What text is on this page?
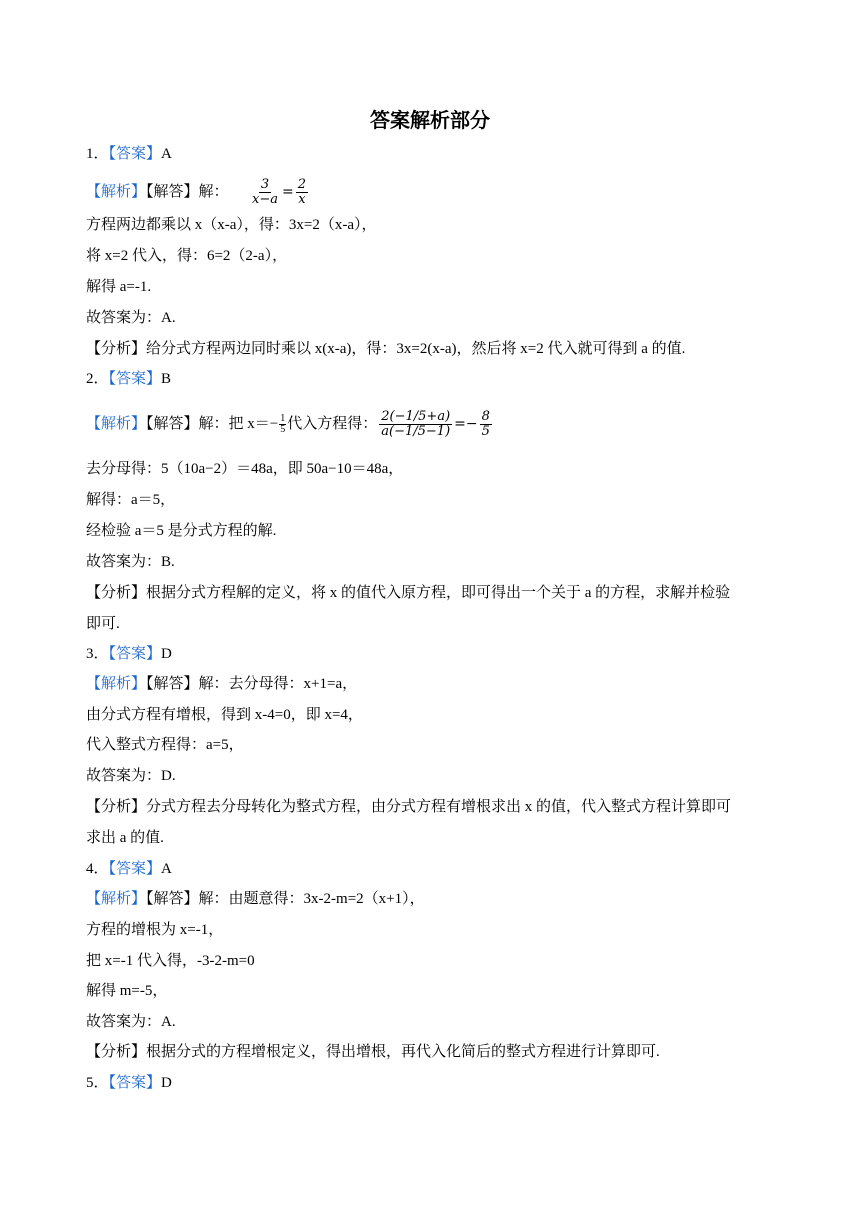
答案解析部分
1．【答案】A
【解析】【解答】解： $\frac{3}{x-a} = \frac{2}{x}$
方程两边都乘以 x（x-a），得：3x=2（x-a），
将 x=2 代入，得：6=2（2-a），
解得 a=-1.
故答案为：A.
【分析】给分式方程两边同时乘以 x(x-a)，得：3x=2(x-a)，然后将 x=2 代入就可得到 a 的值.
2．【答案】B
【解析】【解答】解：把 $x=- \frac{1}{5}$ 代入方程得： $\frac{2(-1/5+a)}{a(-1/5-1)} =- \frac{8}{5}$
去分母得：5（10a−2）＝48a，即 50a−10＝48a，
解得：a＝5，
经检验 a＝5 是分式方程的解.
故答案为：B.
【分析】根据分式方程解的定义，将 x 的值代入原方程，即可得出一个关于 a 的方程，求解并检验
即可.
3．【答案】D
【解析】【解答】解：去分母得：x+1=a，
由分式方程有增根，得到 x-4=0，即 x=4，
代入整式方程得：a=5，
故答案为：D.
【分析】分式方程去分母转化为整式方程，由分式方程有增根求出 x 的值，代入整式方程计算即可
求出 a 的值.
4．【答案】A
【解析】【解答】解：由题意得：3x-2-m=2（x+1），
方程的增根为 x=-1，
把 x=-1 代入得，-3-2-m=0
解得 m=-5，
故答案为：A.
【分析】根据分式的方程增根定义，得出增根，再代入化简后的整式方程进行计算即可.
5．【答案】D
